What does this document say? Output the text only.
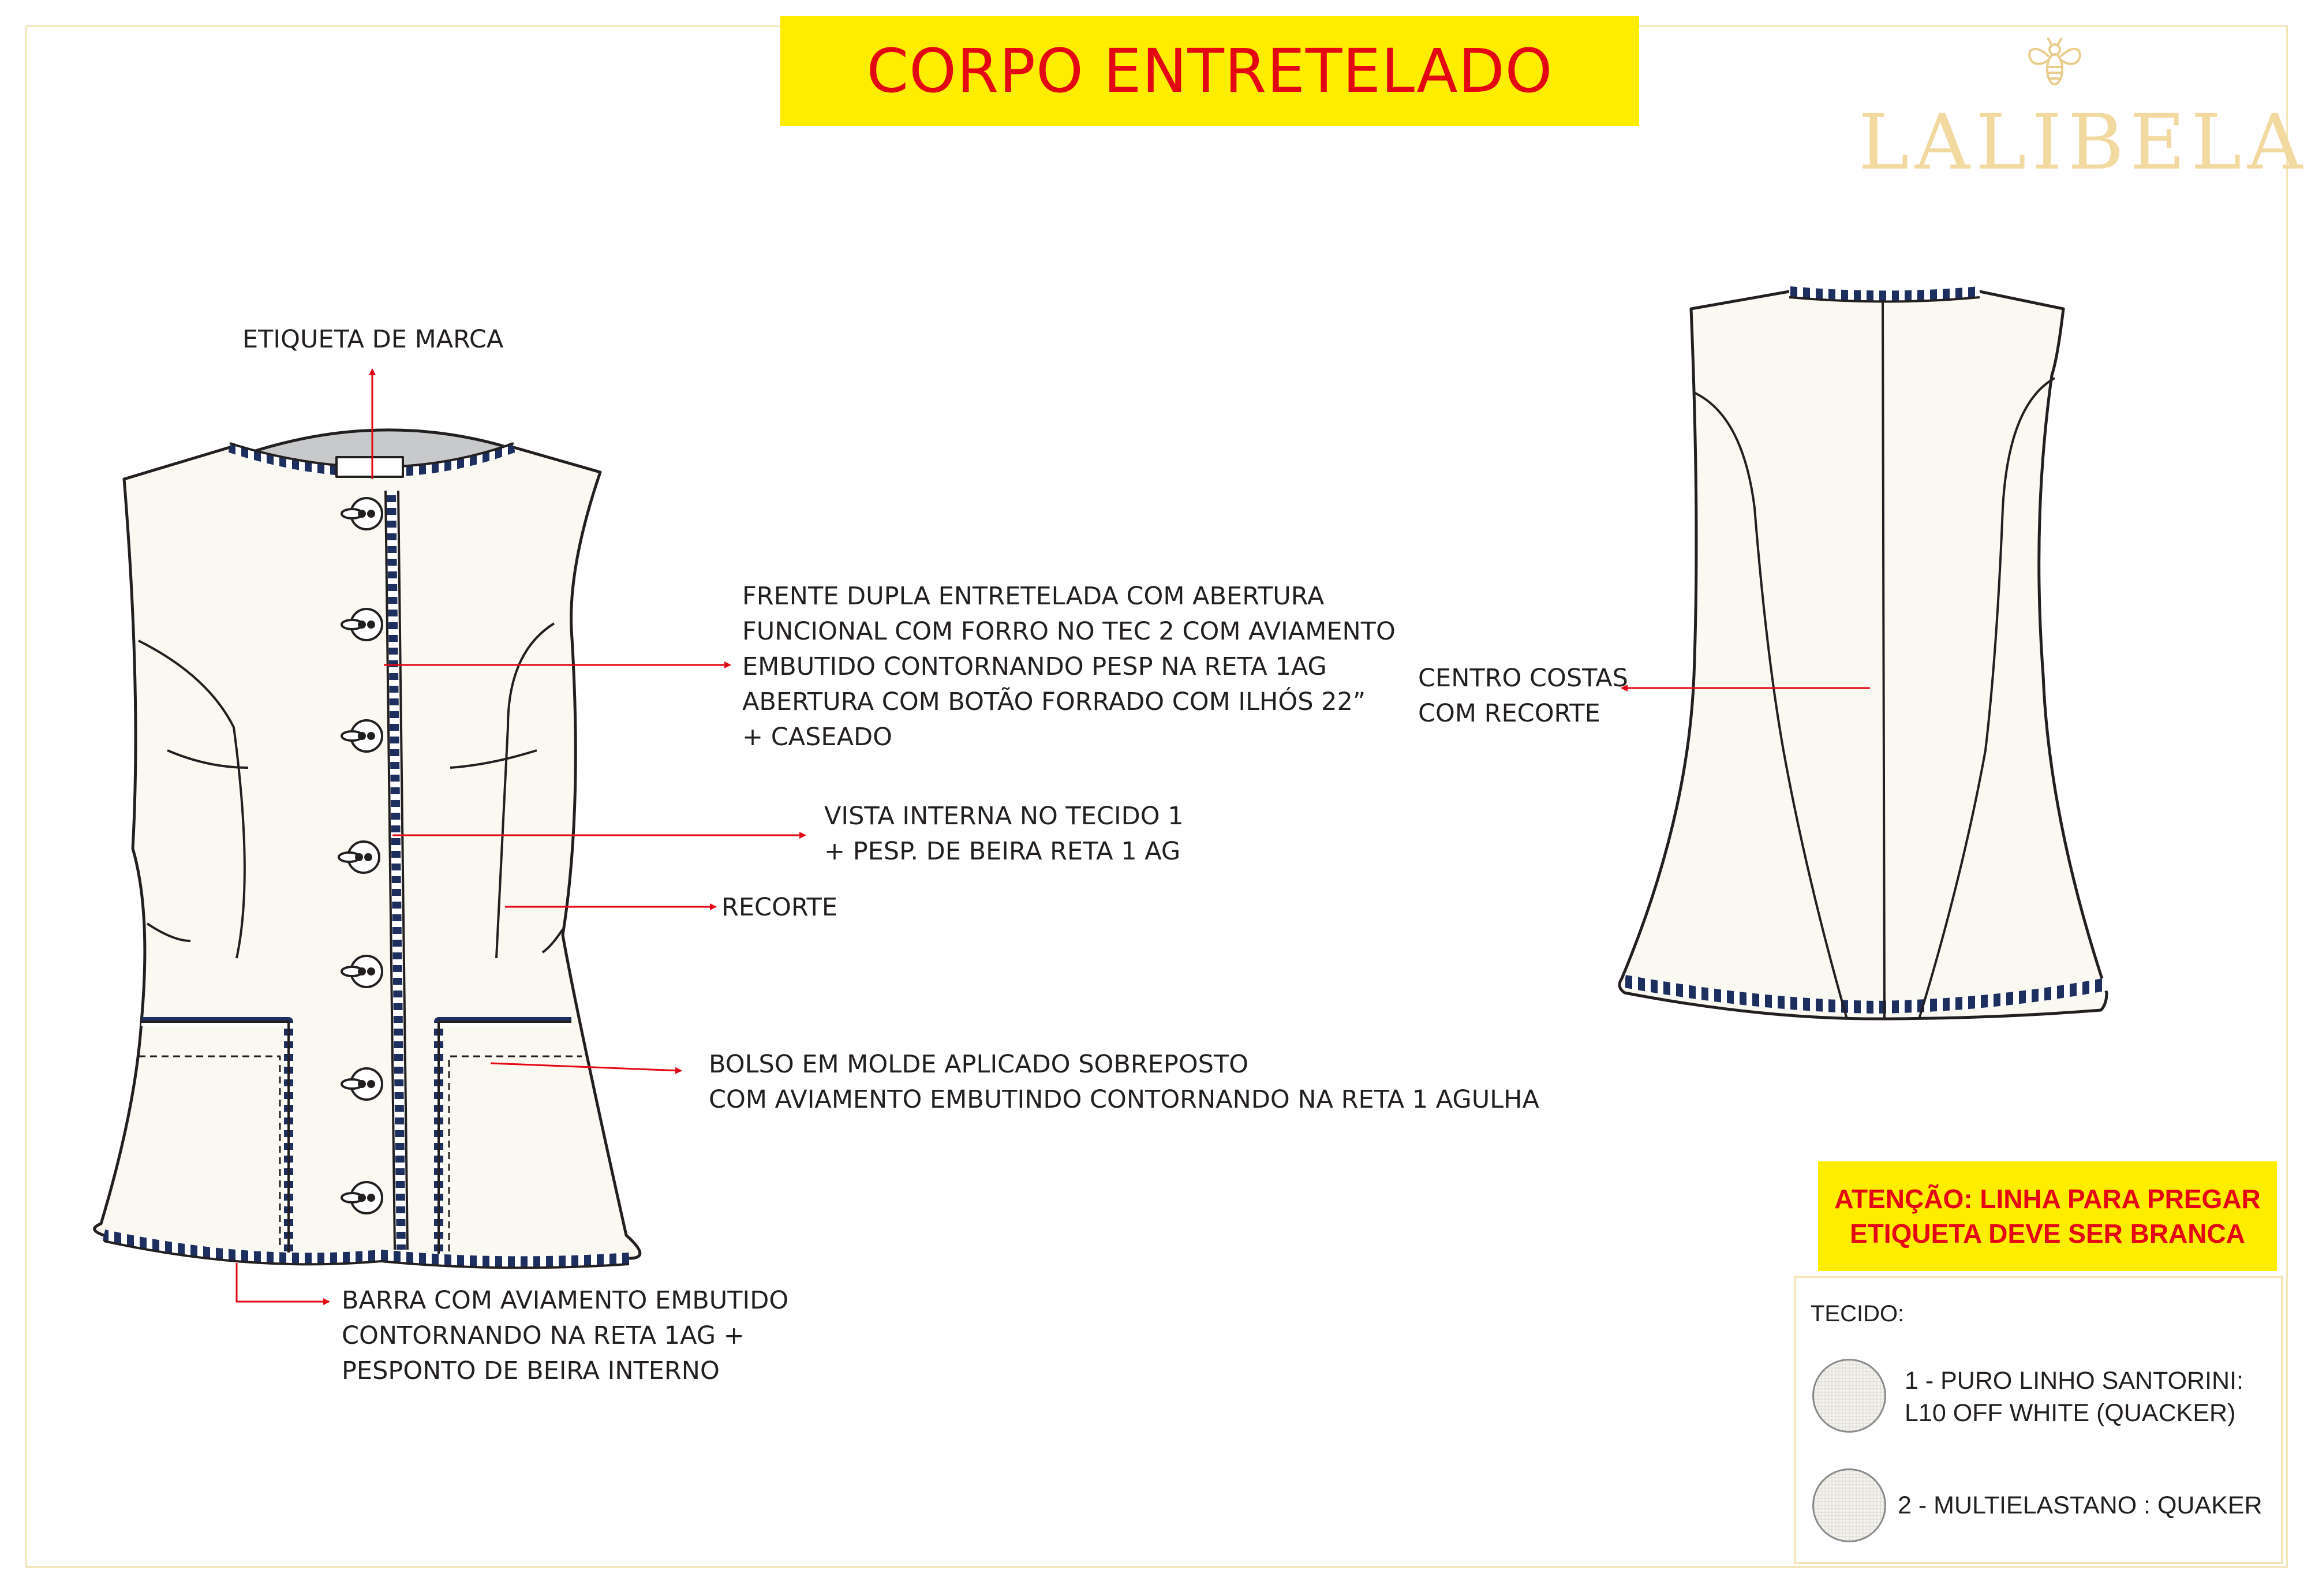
CORPO ENTRETELADO
LALIBELA
ETIQUETA DE MARCA
FRENTE DUPLA ENTRETELADA COM ABERTURA
FUNCIONAL COM FORRO NO TEC 2 COM AVIAMENTO
EMBUTIDO CONTORNANDO PESP NA RETA 1AG
ABERTURA COM BOTÃO FORRADO COM ILHÓS 22”
+ CASEADO
VISTA INTERNA NO TECIDO 1
+ PESP. DE BEIRA RETA 1 AG
RECORTE
BOLSO EM MOLDE APLICADO SOBREPOSTO
COM AVIAMENTO EMBUTINDO CONTORNANDO NA RETA 1 AGULHA
BARRA COM AVIAMENTO EMBUTIDO
CONTORNANDO NA RETA 1AG +
PESPONTO DE BEIRA INTERNO
CENTRO COSTAS
COM RECORTE
ATENÇÃO: LINHA PARA PREGAR
ETIQUETA DEVE SER BRANCA
TECIDO:
1 - PURO LINHO SANTORINI:
L10 OFF WHITE (QUACKER)
2 - MULTIELASTANO : QUAKER
